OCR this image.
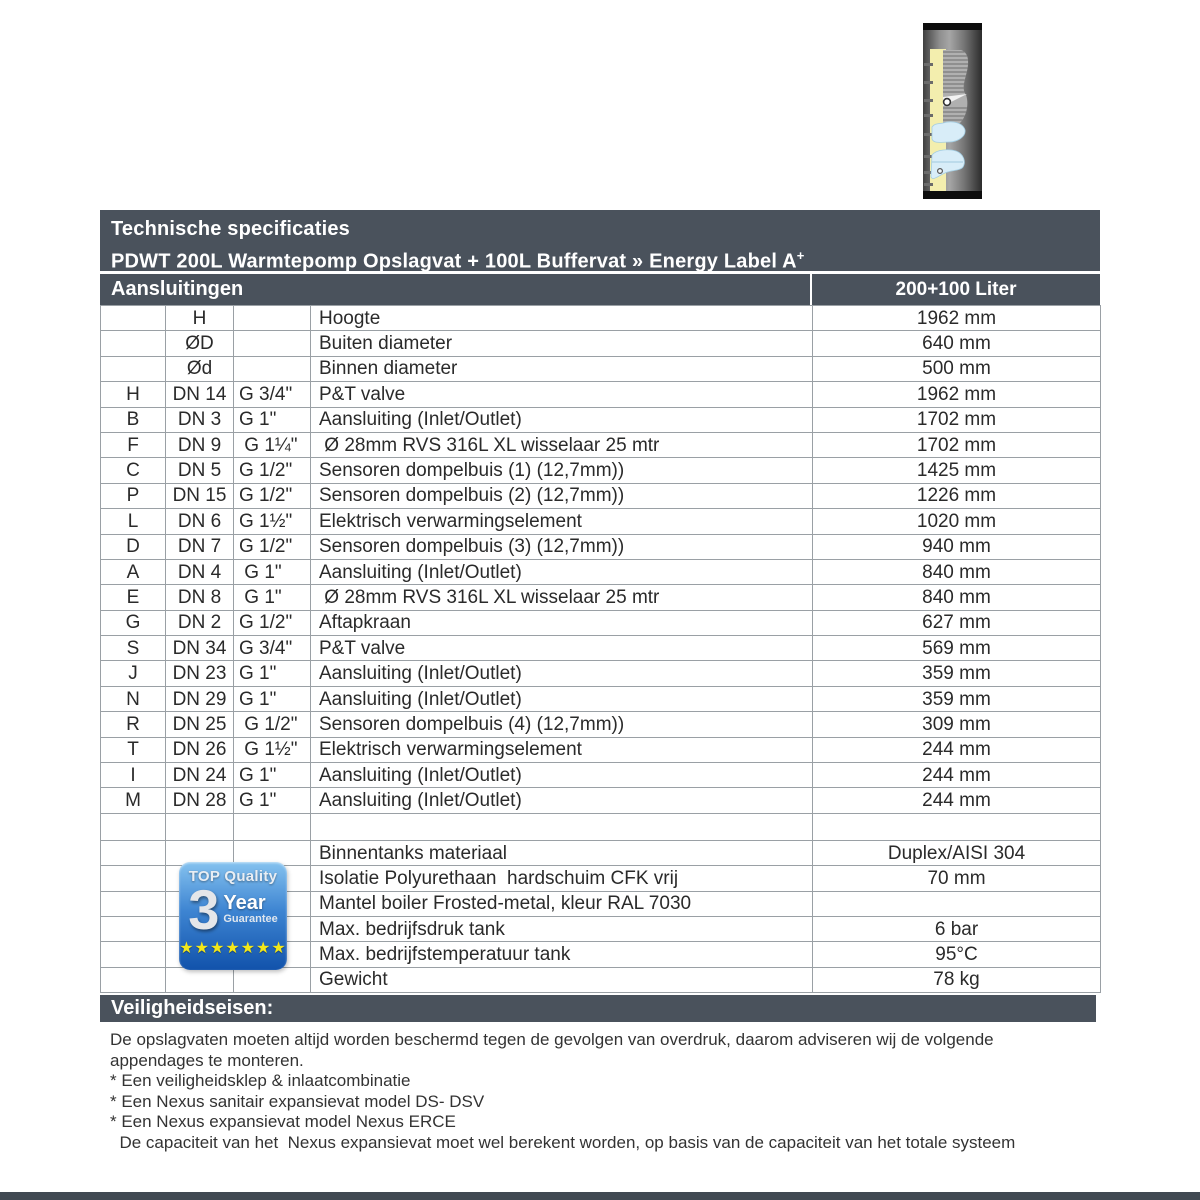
Technische specificaties
PDWT 200L Warmtepomp Opslagvat + 100L Buffervat » Energy Label A+
Aansluitingen	200+100 Liter
	H		Hoogte	1962 mm
	ØD		Buiten diameter	640 mm
	Ød		Binnen diameter	500 mm
H	DN 14	G 3/4"	P&T valve	1962 mm
B	DN 3	G 1"	Aansluiting (Inlet/Outlet)	1702 mm
F	DN 9	G 1¼"	Ø 28mm RVS 316L XL wisselaar 25 mtr	1702 mm
C	DN 5	G 1/2"	Sensoren dompelbuis (1) (12,7mm))	1425 mm
P	DN 15	G 1/2"	Sensoren dompelbuis (2) (12,7mm))	1226 mm
L	DN 6	G 1½"	Elektrisch verwarmingselement	1020 mm
D	DN 7	G 1/2"	Sensoren dompelbuis (3) (12,7mm))	940 mm
A	DN 4	G 1"	Aansluiting (Inlet/Outlet)	840 mm
E	DN 8	G 1"	Ø 28mm RVS 316L XL wisselaar 25 mtr	840 mm
G	DN 2	G 1/2"	Aftapkraan	627 mm
S	DN 34	G 3/4"	P&T valve	569 mm
J	DN 23	G 1"	Aansluiting (Inlet/Outlet)	359 mm
N	DN 29	G 1"	Aansluiting (Inlet/Outlet)	359 mm
R	DN 25	G 1/2"	Sensoren dompelbuis (4) (12,7mm))	309 mm
T	DN 26	G 1½"	Elektrisch verwarmingselement	244 mm
I	DN 24	G 1"	Aansluiting (Inlet/Outlet)	244 mm
M	DN 28	G 1"	Aansluiting (Inlet/Outlet)	244 mm

			Binnentanks materiaal	Duplex/AISI 304
			Isolatie Polyurethaan  hardschuim CFK vrij	70 mm
			Mantel boiler Frosted-metal, kleur RAL 7030	
			Max. bedrijfsdruk tank	6 bar
			Max. bedrijfstemperatuur tank	95°C
			Gewicht	78 kg
TOP Quality
3 Year
Guarantee
★★★★★★★
Veiligheidseisen:
De opslagvaten moeten altijd worden beschermd tegen de gevolgen van overdruk, daarom adviseren wij de volgende
appendages te monteren.
* Een veiligheidsklep & inlaatcombinatie
* Een Nexus sanitair expansievat model DS- DSV
* Een Nexus expansievat model Nexus ERCE
De capaciteit van het  Nexus expansievat moet wel berekent worden, op basis van de capaciteit van het totale systeem
